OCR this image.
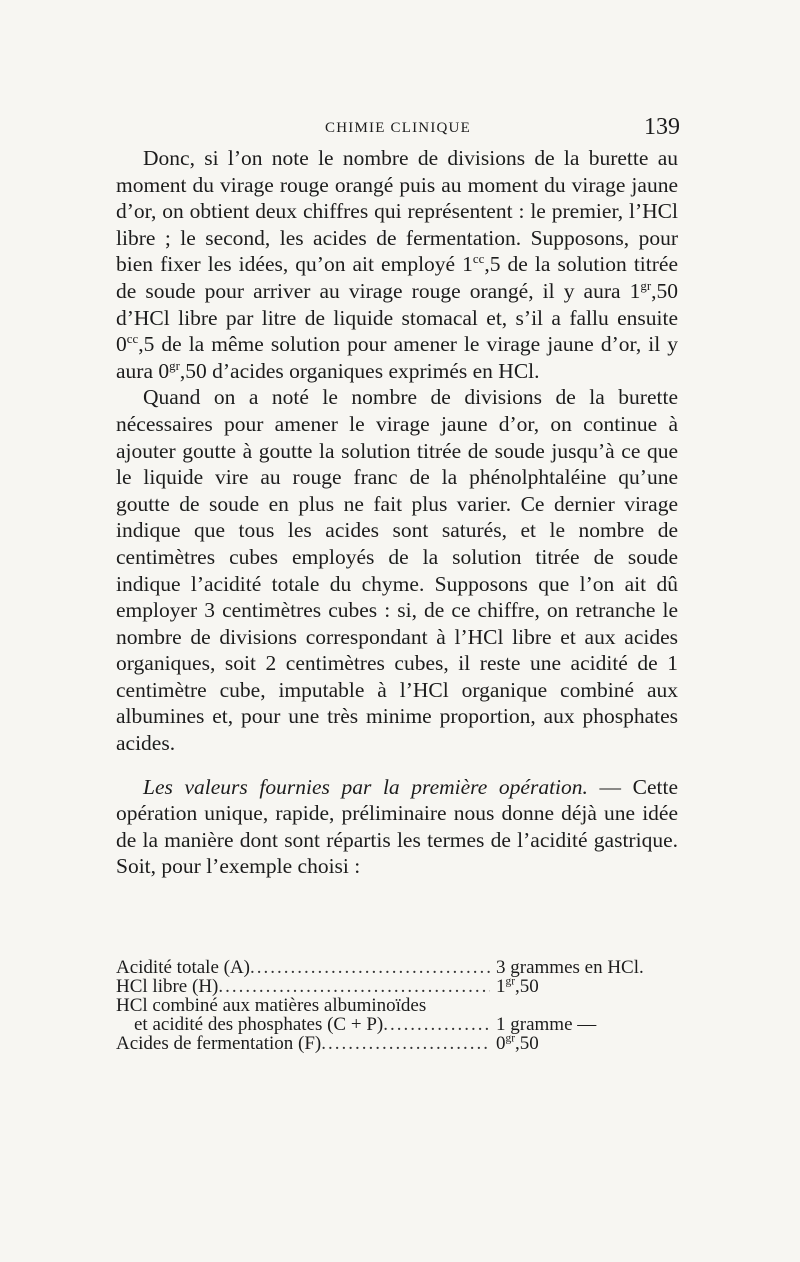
CHIMIE CLINIQUE	139

Donc, si l’on note le nombre de divisions de la burette au moment du virage rouge orangé puis au moment du virage jaune d’or, on obtient deux chiffres qui représentent : le premier, l’HCl libre ; le second, les acides de fermentation. Supposons, pour bien fixer les idées, qu’on ait employé $1^{cc},5$ de la solution titrée de soude pour arriver au virage rouge orangé, il y aura $1^{gr},50$ d’HCl libre par litre de liquide stomacal et, s’il a fallu ensuite $0^{cc},5$ de la même solution pour amener le virage jaune d’or, il y aura $0^{gr},50$ d’acides organiques exprimés en HCl.

Quand on a noté le nombre de divisions de la burette nécessaires pour amener le virage jaune d’or, on continue à ajouter goutte à goutte la solution titrée de soude jusqu’à ce que le liquide vire au rouge franc de la phénolphtaléine qu’une goutte de soude en plus ne fait plus varier. Ce dernier virage indique que tous les acides sont saturés, et le nombre de centimètres cubes employés de la solution titrée de soude indique l’acidité totale du chyme. Supposons que l’on ait dû employer 3 centimètres cubes : si, de ce chiffre, on retranche le nombre de divisions correspondant à l’HCl libre et aux acides organiques, soit 2 centimètres cubes, il reste une acidité de 1 centimètre cube, imputable à l’HCl organique combiné aux albumines et, pour une très minime proportion, aux phosphates acides.

Les valeurs fournies par la première opération. — Cette opération unique, rapide, préliminaire nous donne déjà une idée de la manière dont sont répartis les termes de l’acidité gastrique. Soit, pour l’exemple choisi :

Acidité totale (A) .....	3 grammes en HCl.
HCl libre (H) .....	$1^{gr},50$
HCl combiné aux matières albuminoïdes
et acidité des phosphates (C + P) .....	1 gramme —
Acides de fermentation (F) .....	$0^{gr},50$
